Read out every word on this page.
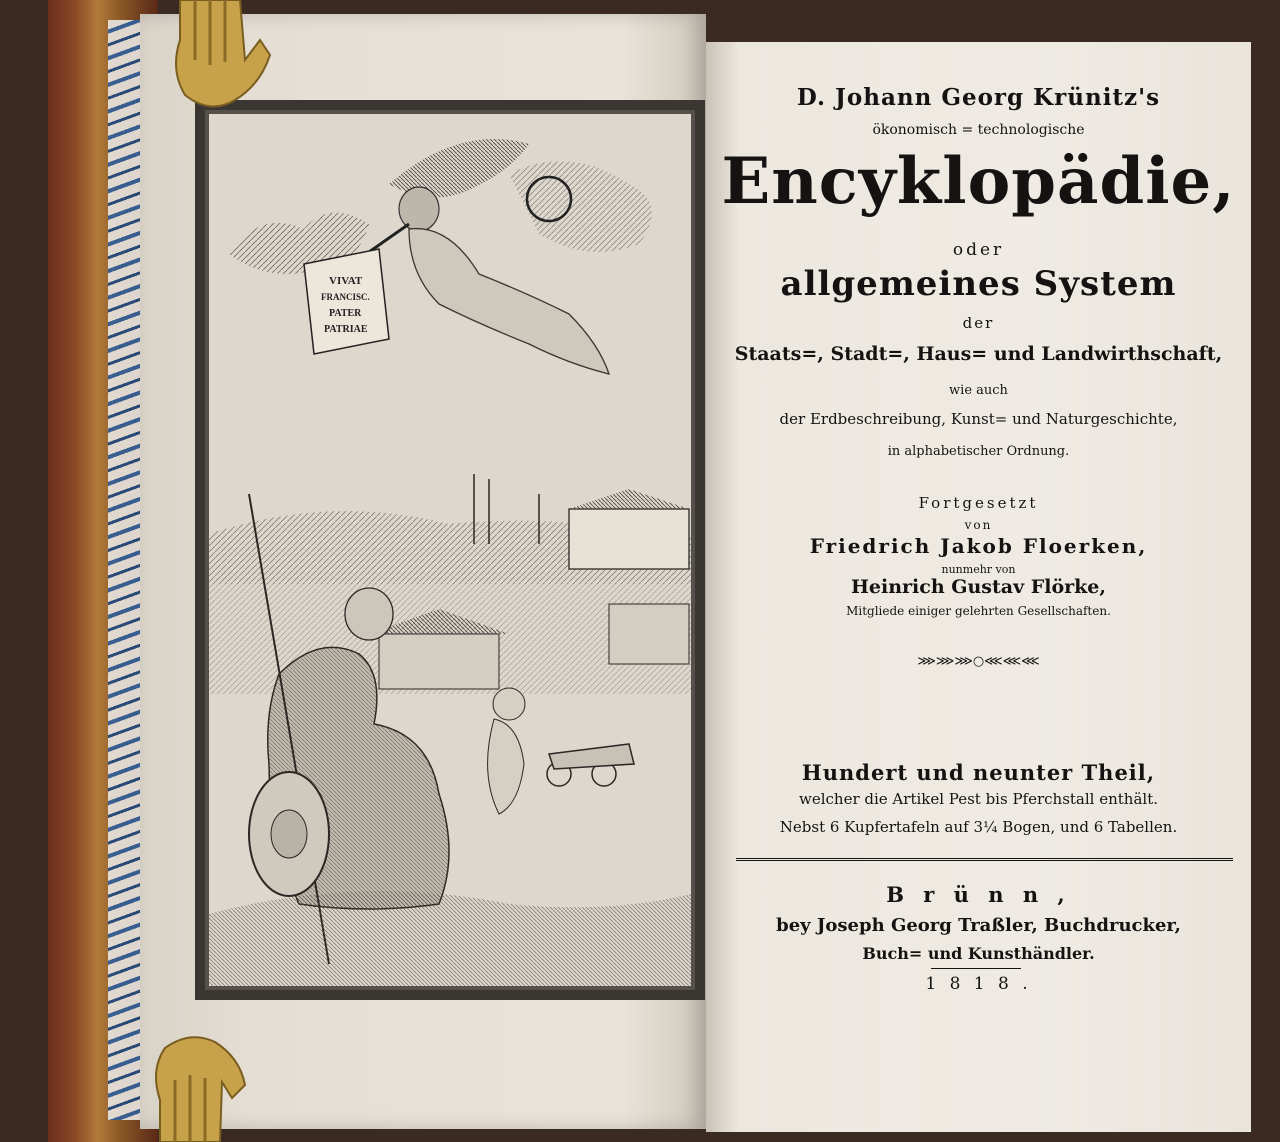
VIVAT
FRANCISC.
PATER
PATRIAE
D. Johann Georg Krünitz's
ökonomisch = technologische
Encyklopädie,
oder
allgemeines System
der
Staats=, Stadt=, Haus= und Landwirthschaft,
wie auch
der Erdbeschreibung, Kunst= und Naturgeschichte,
in alphabetischer Ordnung.
Fortgesetzt
von
Friedrich Jakob Floerken,
nunmehr von
Heinrich Gustav Flörke,
Mitgliede einiger gelehrten Gesellschaften.
⋙⋙⋙○⋘⋘⋘
Hundert und neunter Theil,
welcher die Artikel Pest bis Pferchstall enthält.
Nebst 6 Kupfertafeln auf 3¼ Bogen, und 6 Tabellen.
B r ü n n ,
bey Joseph Georg Traßler, Buchdrucker,
Buch= und Kunsthändler.
1 8 1 8 .
